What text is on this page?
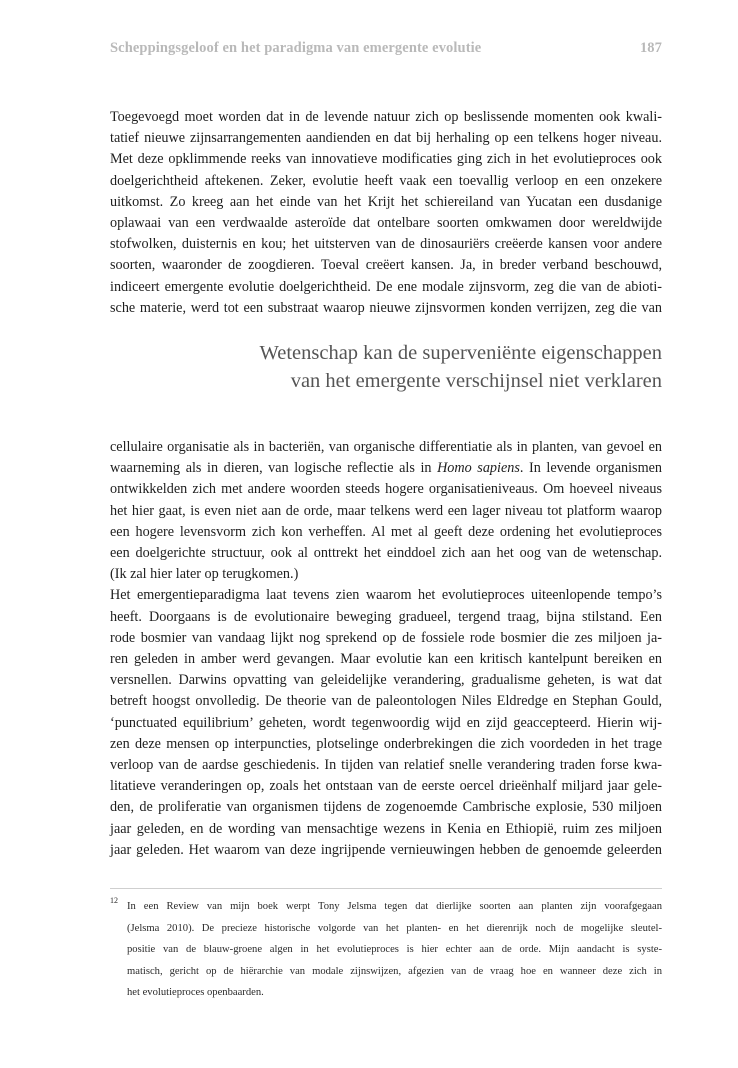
Scheppingsgeloof en het paradigma van emergente evolutie	187
Toegevoegd moet worden dat in de levende natuur zich op beslissende momenten ook kwali-
tatief nieuwe zijnsarrangementen aandienden en dat bij herhaling op een telkens hoger niveau.
Met deze opklimmende reeks van innovatieve modificaties ging zich in het evolutieproces ook
doelgerichtheid aftekenen. Zeker, evolutie heeft vaak een toevallig verloop en een onzekere
uitkomst. Zo kreeg aan het einde van het Krijt het schiereiland van Yucatan een dusdanige
oplawaai van een verdwaalde asteroïde dat ontelbare soorten omkwamen door wereldwijde
stofwolken, duisternis en kou; het uitsterven van de dinosauriërs creëerde kansen voor andere
soorten, waaronder de zoogdieren. Toeval creëert kansen. Ja, in breder verband beschouwd,
indiceert emergente evolutie doelgerichtheid. De ene modale zijnsvorm, zeg die van de abioti-
sche materie, werd tot een substraat waarop nieuwe zijnsvormen konden verrijzen, zeg die van
Wetenschap kan de superveniënte eigenschappen
van het emergente verschijnsel niet verklaren
cellulaire organisatie als in bacteriën, van organische differentiatie als in planten, van gevoel en
waarneming als in dieren, van logische reflectie als in Homo sapiens. In levende organismen
ontwikkelden zich met andere woorden steeds hogere organisatieniveaus. Om hoeveel niveaus
het hier gaat, is even niet aan de orde, maar telkens werd een lager niveau tot platform waarop
een hogere levensvorm zich kon verheffen. Al met al geeft deze ordening het evolutieproces
een doelgerichte structuur, ook al onttrekt het einddoel zich aan het oog van de wetenschap.
(Ik zal hier later op terugkomen.)
Het emergentieparadigma laat tevens zien waarom het evolutieproces uiteenlopende tempo’s
heeft. Doorgaans is de evolutionaire beweging gradueel, tergend traag, bijna stilstand. Een
rode bosmier van vandaag lijkt nog sprekend op de fossiele rode bosmier die zes miljoen ja-
ren geleden in amber werd gevangen. Maar evolutie kan een kritisch kantelpunt bereiken en
versnellen. Darwins opvatting van geleidelijke verandering, gradualisme geheten, is wat dat
betreft hoogst onvolledig. De theorie van de paleontologen Niles Eldredge en Stephan Gould,
‘punctuated equilibrium’ geheten, wordt tegenwoordig wijd en zijd geaccepteerd. Hierin wij-
zen deze mensen op interpuncties, plotselinge onderbrekingen die zich voordeden in het trage
verloop van de aardse geschiedenis. In tijden van relatief snelle verandering traden forse kwa-
litatieve veranderingen op, zoals het ontstaan van de eerste oercel drieënhalf miljard jaar gele-
den, de proliferatie van organismen tijdens de zogenoemde Cambrische explosie, 530 miljoen
jaar geleden, en de wording van mensachtige wezens in Kenia en Ethiopië, ruim zes miljoen
jaar geleden. Het waarom van deze ingrijpende vernieuwingen hebben de genoemde geleerden
12
In een Review van mijn boek werpt Tony Jelsma tegen dat dierlijke soorten aan planten zijn voorafgegaan
(Jelsma 2010). De precieze historische volgorde van het planten- en het dierenrijk noch de mogelijke sleutel-
positie van de blauw-groene algen in het evolutieproces is hier echter aan de orde. Mijn aandacht is syste-
matisch, gericht op de hiërarchie van modale zijnswijzen, afgezien van de vraag hoe en wanneer deze zich in
het evolutieproces openbaarden.
